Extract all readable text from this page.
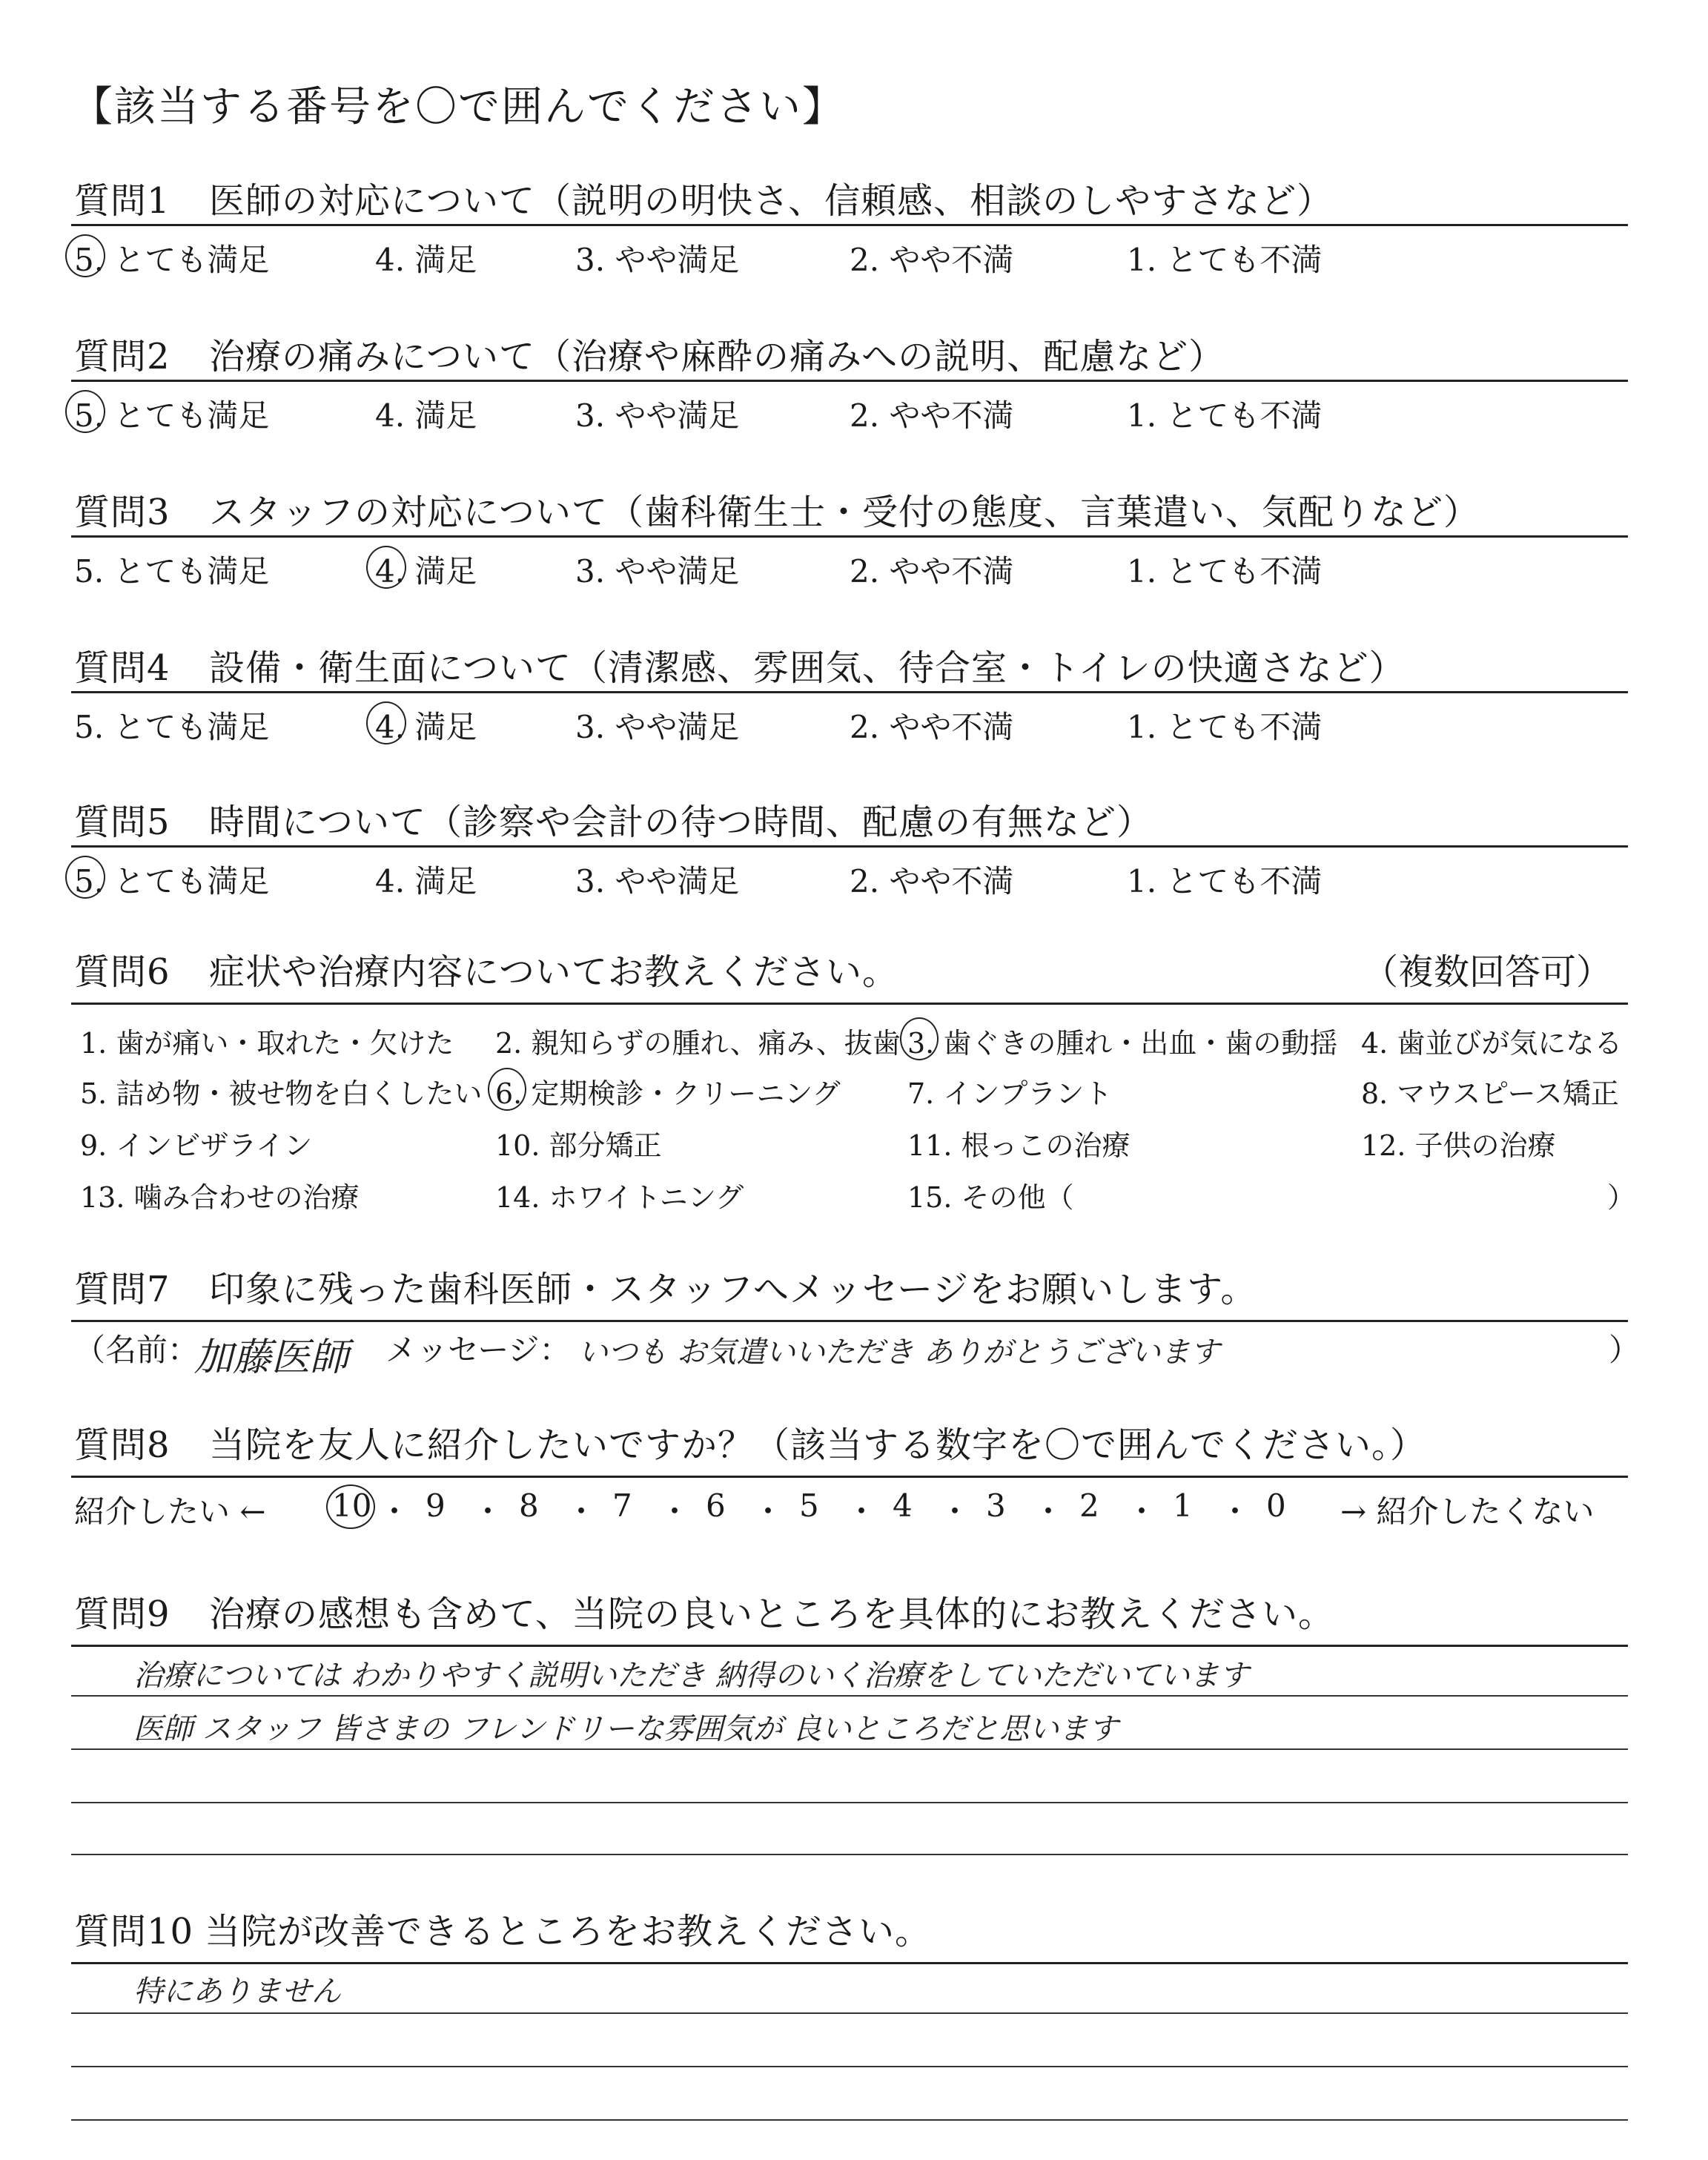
【該当する番号を〇で囲んでください】
質問1 医師の対応について（説明の明快さ、信頼感、相談のしやすさなど）
5. とても満足	4. 満足	3. やや満足	2. やや不満	1. とても不満
質問2 治療の痛みについて（治療や麻酔の痛みへの説明、配慮など）
5. とても満足	4. 満足	3. やや満足	2. やや不満	1. とても不満
質問3 スタッフの対応について（歯科衛生士・受付の態度、言葉遣い、気配りなど）
5. とても満足	4. 満足	3. やや満足	2. やや不満	1. とても不満
質問4 設備・衛生面について（清潔感、雰囲気、待合室・トイレの快適さなど）
5. とても満足	4. 満足	3. やや満足	2. やや不満	1. とても不満
質問5 時間について（診察や会計の待つ時間、配慮の有無など）
5. とても満足	4. 満足	3. やや満足	2. やや不満	1. とても不満
質問6 症状や治療内容についてお教えください。	（複数回答可）
1. 歯が痛い・取れた・欠けた 2. 親知らずの腫れ、痛み、抜歯 3. 歯ぐきの腫れ・出血・歯の動揺 4. 歯並びが気になる
5. 詰め物・被せ物を白くしたい 6. 定期検診・クリーニング 7. インプラント	8. マウスピース矯正
9. インビザライン	10. 部分矯正	11. 根っこの治療	12. 子供の治療
13. 噛み合わせの治療	14. ホワイトニング	15. その他（	）
質問7 印象に残った歯科医師・スタッフへメッセージをお願いします。
（名前：
加藤医師 メッセージ： いつも お気遣いいただき ありがとうございます	）
質問8 当院を友人に紹介したいですか？（該当する数字を〇で囲んでください。）
紹介したい ←	→ 紹介したくない
10 ・ 9 ・ 8 ・ 7 ・ 6 ・ 5 ・ 4 ・ 3 ・ 2 ・ 1 ・ 0
質問9 治療の感想も含めて、当院の良いところを具体的にお教えください。
治療については わかりやすく説明いただき 納得のいく治療をしていただいています
医師 スタッフ 皆さまの フレンドリーな雰囲気が 良いところだと思います
質問10 当院が改善できるところをお教えください。
特にありません
